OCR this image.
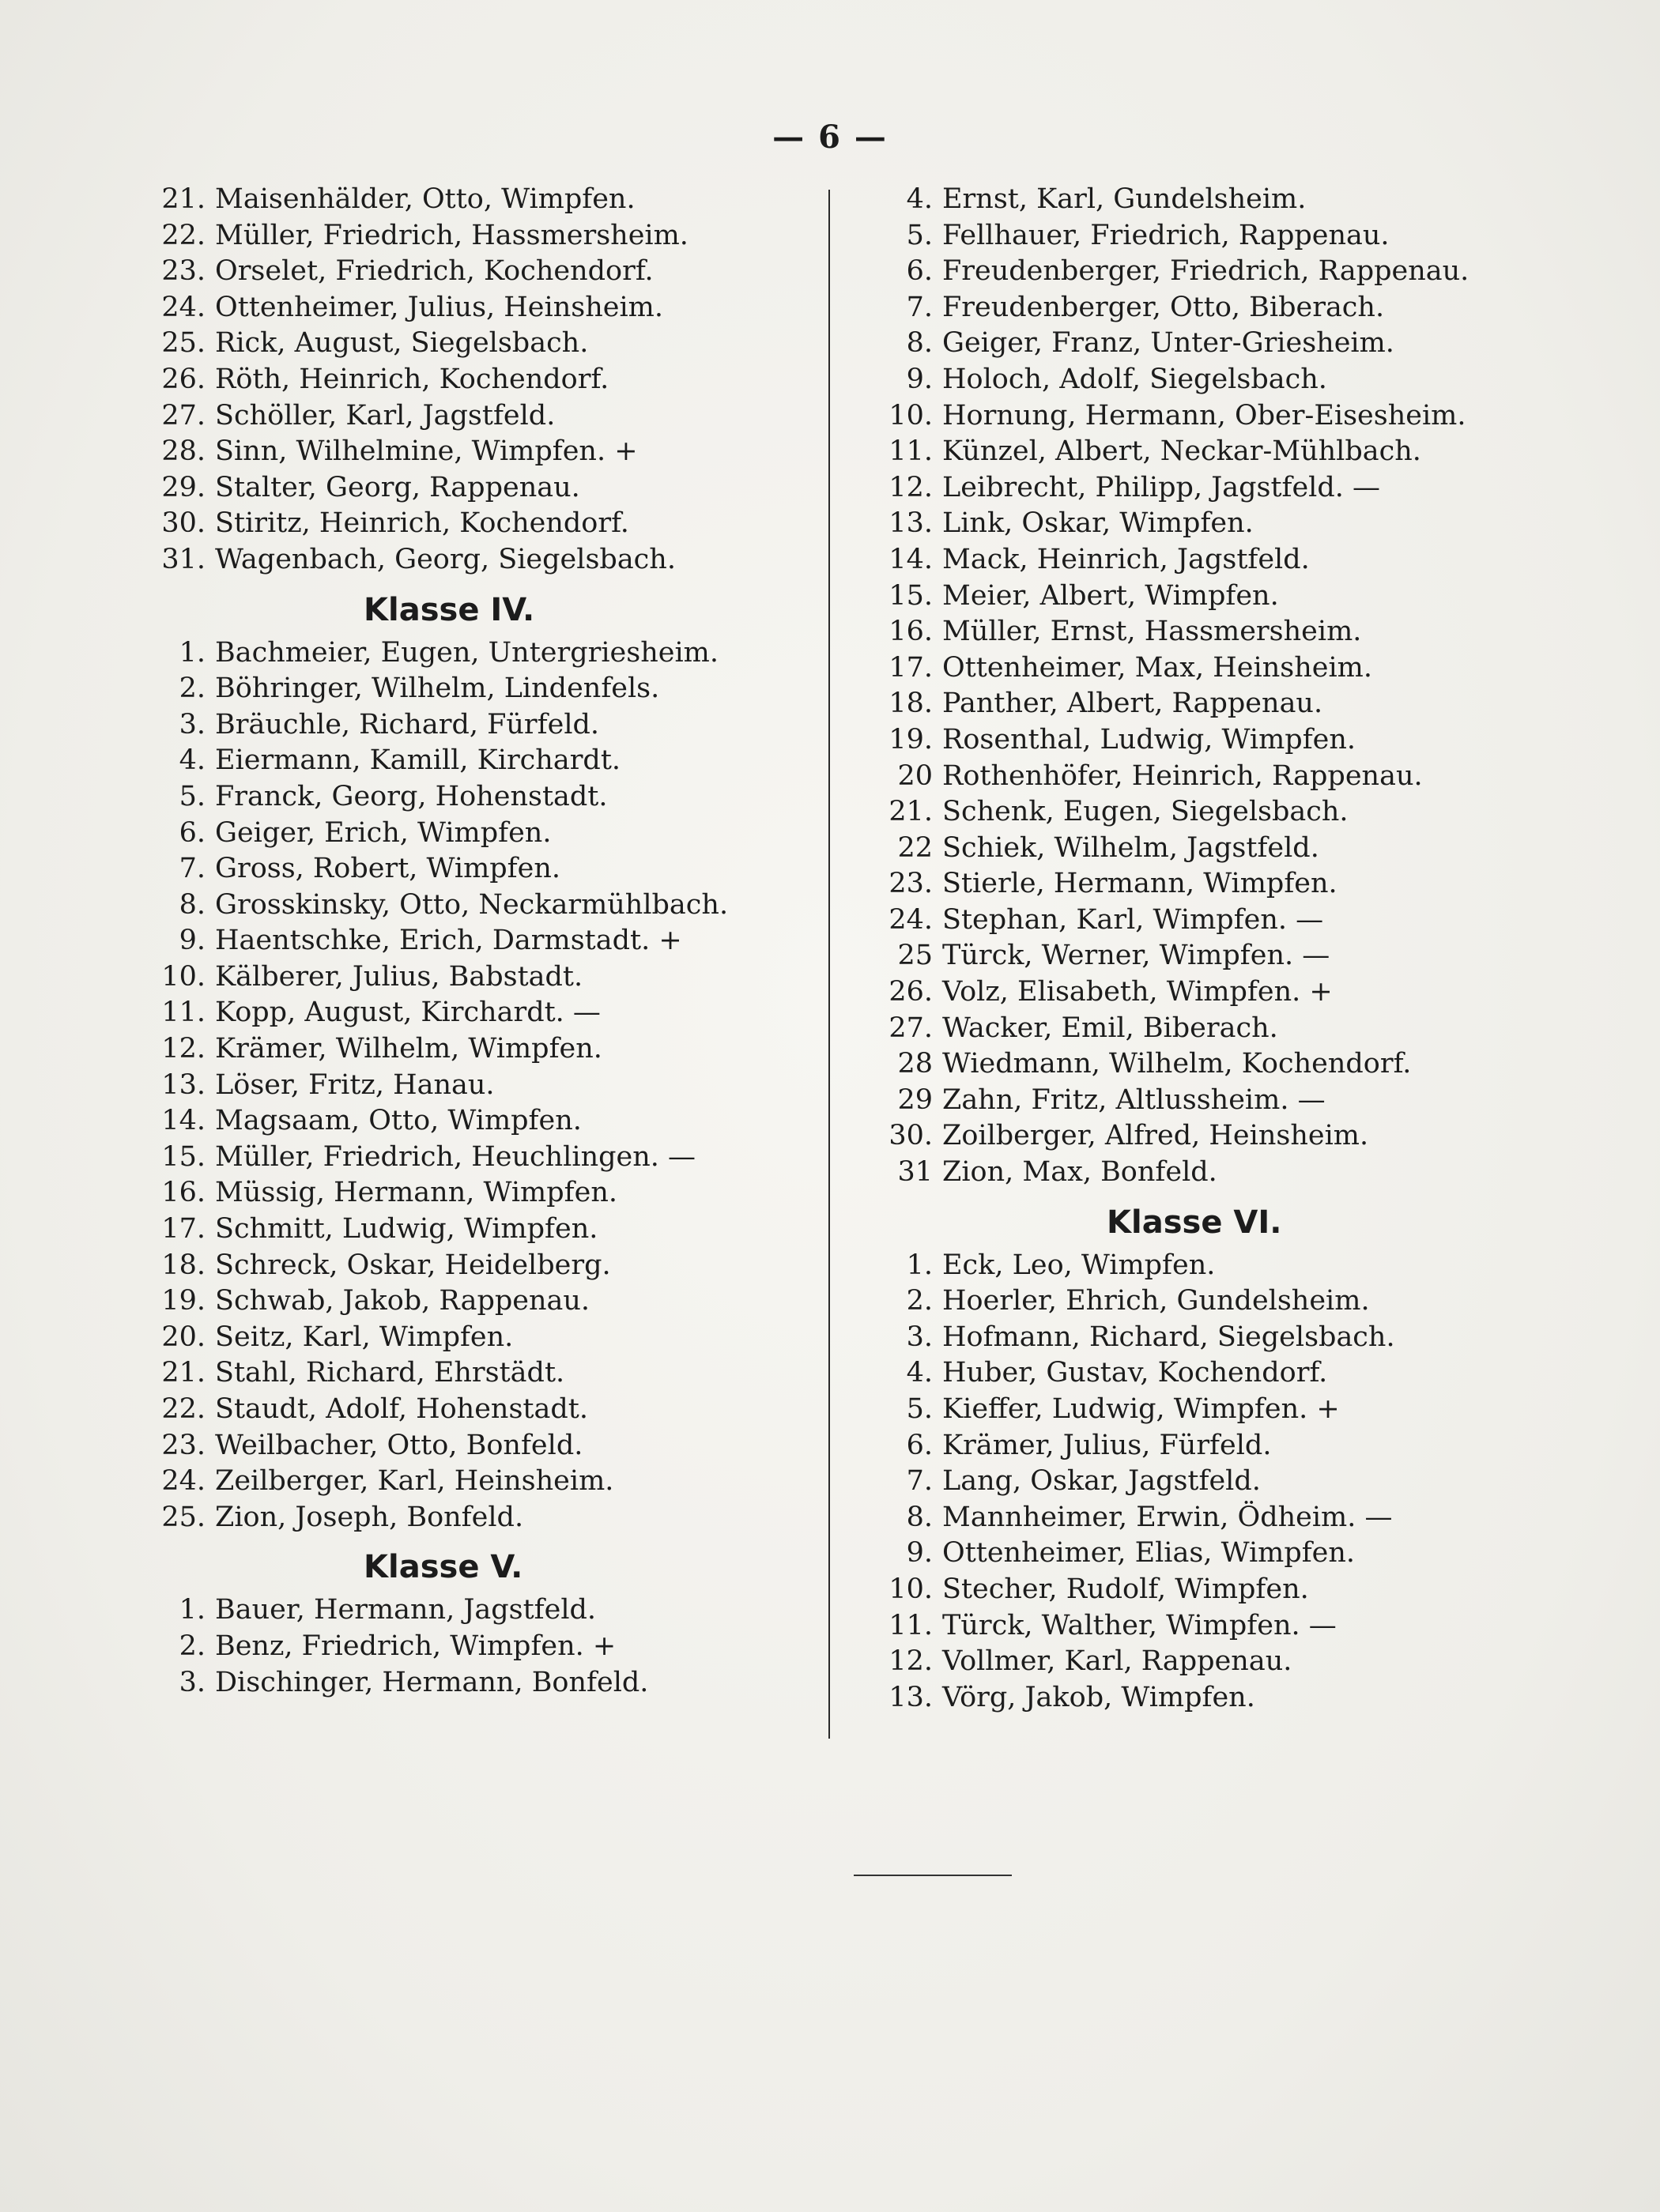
— 6 —
21. Maisenhälder, Otto, Wimpfen.
22. Müller, Friedrich, Hassmersheim.
23. Orselet, Friedrich, Kochendorf.
24. Ottenheimer, Julius, Heinsheim.
25. Rick, August, Siegelsbach.
26. Röth, Heinrich, Kochendorf.
27. Schöller, Karl, Jagstfeld.
28. Sinn, Wilhelmine, Wimpfen. +
29. Stalter, Georg, Rappenau.
30. Stiritz, Heinrich, Kochendorf.
31. Wagenbach, Georg, Siegelsbach.
Klasse IV.
1. Bachmeier, Eugen, Untergriesheim.
2. Böhringer, Wilhelm, Lindenfels.
3. Bräuchle, Richard, Fürfeld.
4. Eiermann, Kamill, Kirchardt.
5. Franck, Georg, Hohenstadt.
6. Geiger, Erich, Wimpfen.
7. Gross, Robert, Wimpfen.
8. Grosskinsky, Otto, Neckarmühlbach.
9. Haentschke, Erich, Darmstadt. +
10. Kälberer, Julius, Babstadt.
11. Kopp, August, Kirchardt. —
12. Krämer, Wilhelm, Wimpfen.
13. Löser, Fritz, Hanau.
14. Magsaam, Otto, Wimpfen.
15. Müller, Friedrich, Heuchlingen. —
16. Müssig, Hermann, Wimpfen.
17. Schmitt, Ludwig, Wimpfen.
18. Schreck, Oskar, Heidelberg.
19. Schwab, Jakob, Rappenau.
20. Seitz, Karl, Wimpfen.
21. Stahl, Richard, Ehrstädt.
22. Staudt, Adolf, Hohenstadt.
23. Weilbacher, Otto, Bonfeld.
24. Zeilberger, Karl, Heinsheim.
25. Zion, Joseph, Bonfeld.
Klasse V.
1. Bauer, Hermann, Jagstfeld.
2. Benz, Friedrich, Wimpfen. +
3. Dischinger, Hermann, Bonfeld.
4. Ernst, Karl, Gundelsheim.
5. Fellhauer, Friedrich, Rappenau.
6. Freudenberger, Friedrich, Rappenau.
7. Freudenberger, Otto, Biberach.
8. Geiger, Franz, Unter-Griesheim.
9. Holoch, Adolf, Siegelsbach.
10. Hornung, Hermann, Ober-Eisesheim.
11. Künzel, Albert, Neckar-Mühlbach.
12. Leibrecht, Philipp, Jagstfeld. —
13. Link, Oskar, Wimpfen.
14. Mack, Heinrich, Jagstfeld.
15. Meier, Albert, Wimpfen.
16. Müller, Ernst, Hassmersheim.
17. Ottenheimer, Max, Heinsheim.
18. Panther, Albert, Rappenau.
19. Rosenthal, Ludwig, Wimpfen.
20 Rothenhöfer, Heinrich, Rappenau.
21. Schenk, Eugen, Siegelsbach.
22 Schiek, Wilhelm, Jagstfeld.
23. Stierle, Hermann, Wimpfen.
24. Stephan, Karl, Wimpfen. —
25 Türck, Werner, Wimpfen. —
26. Volz, Elisabeth, Wimpfen. +
27. Wacker, Emil, Biberach.
28 Wiedmann, Wilhelm, Kochendorf.
29 Zahn, Fritz, Altlussheim. —
30. Zoilberger, Alfred, Heinsheim.
31 Zion, Max, Bonfeld.
Klasse VI.
1. Eck, Leo, Wimpfen.
2. Hoerler, Ehrich, Gundelsheim.
3. Hofmann, Richard, Siegelsbach.
4. Huber, Gustav, Kochendorf.
5. Kieffer, Ludwig, Wimpfen. +
6. Krämer, Julius, Fürfeld.
7. Lang, Oskar, Jagstfeld.
8. Mannheimer, Erwin, Ödheim. —
9. Ottenheimer, Elias, Wimpfen.
10. Stecher, Rudolf, Wimpfen.
11. Türck, Walther, Wimpfen. —
12. Vollmer, Karl, Rappenau.
13. Vörg, Jakob, Wimpfen.
